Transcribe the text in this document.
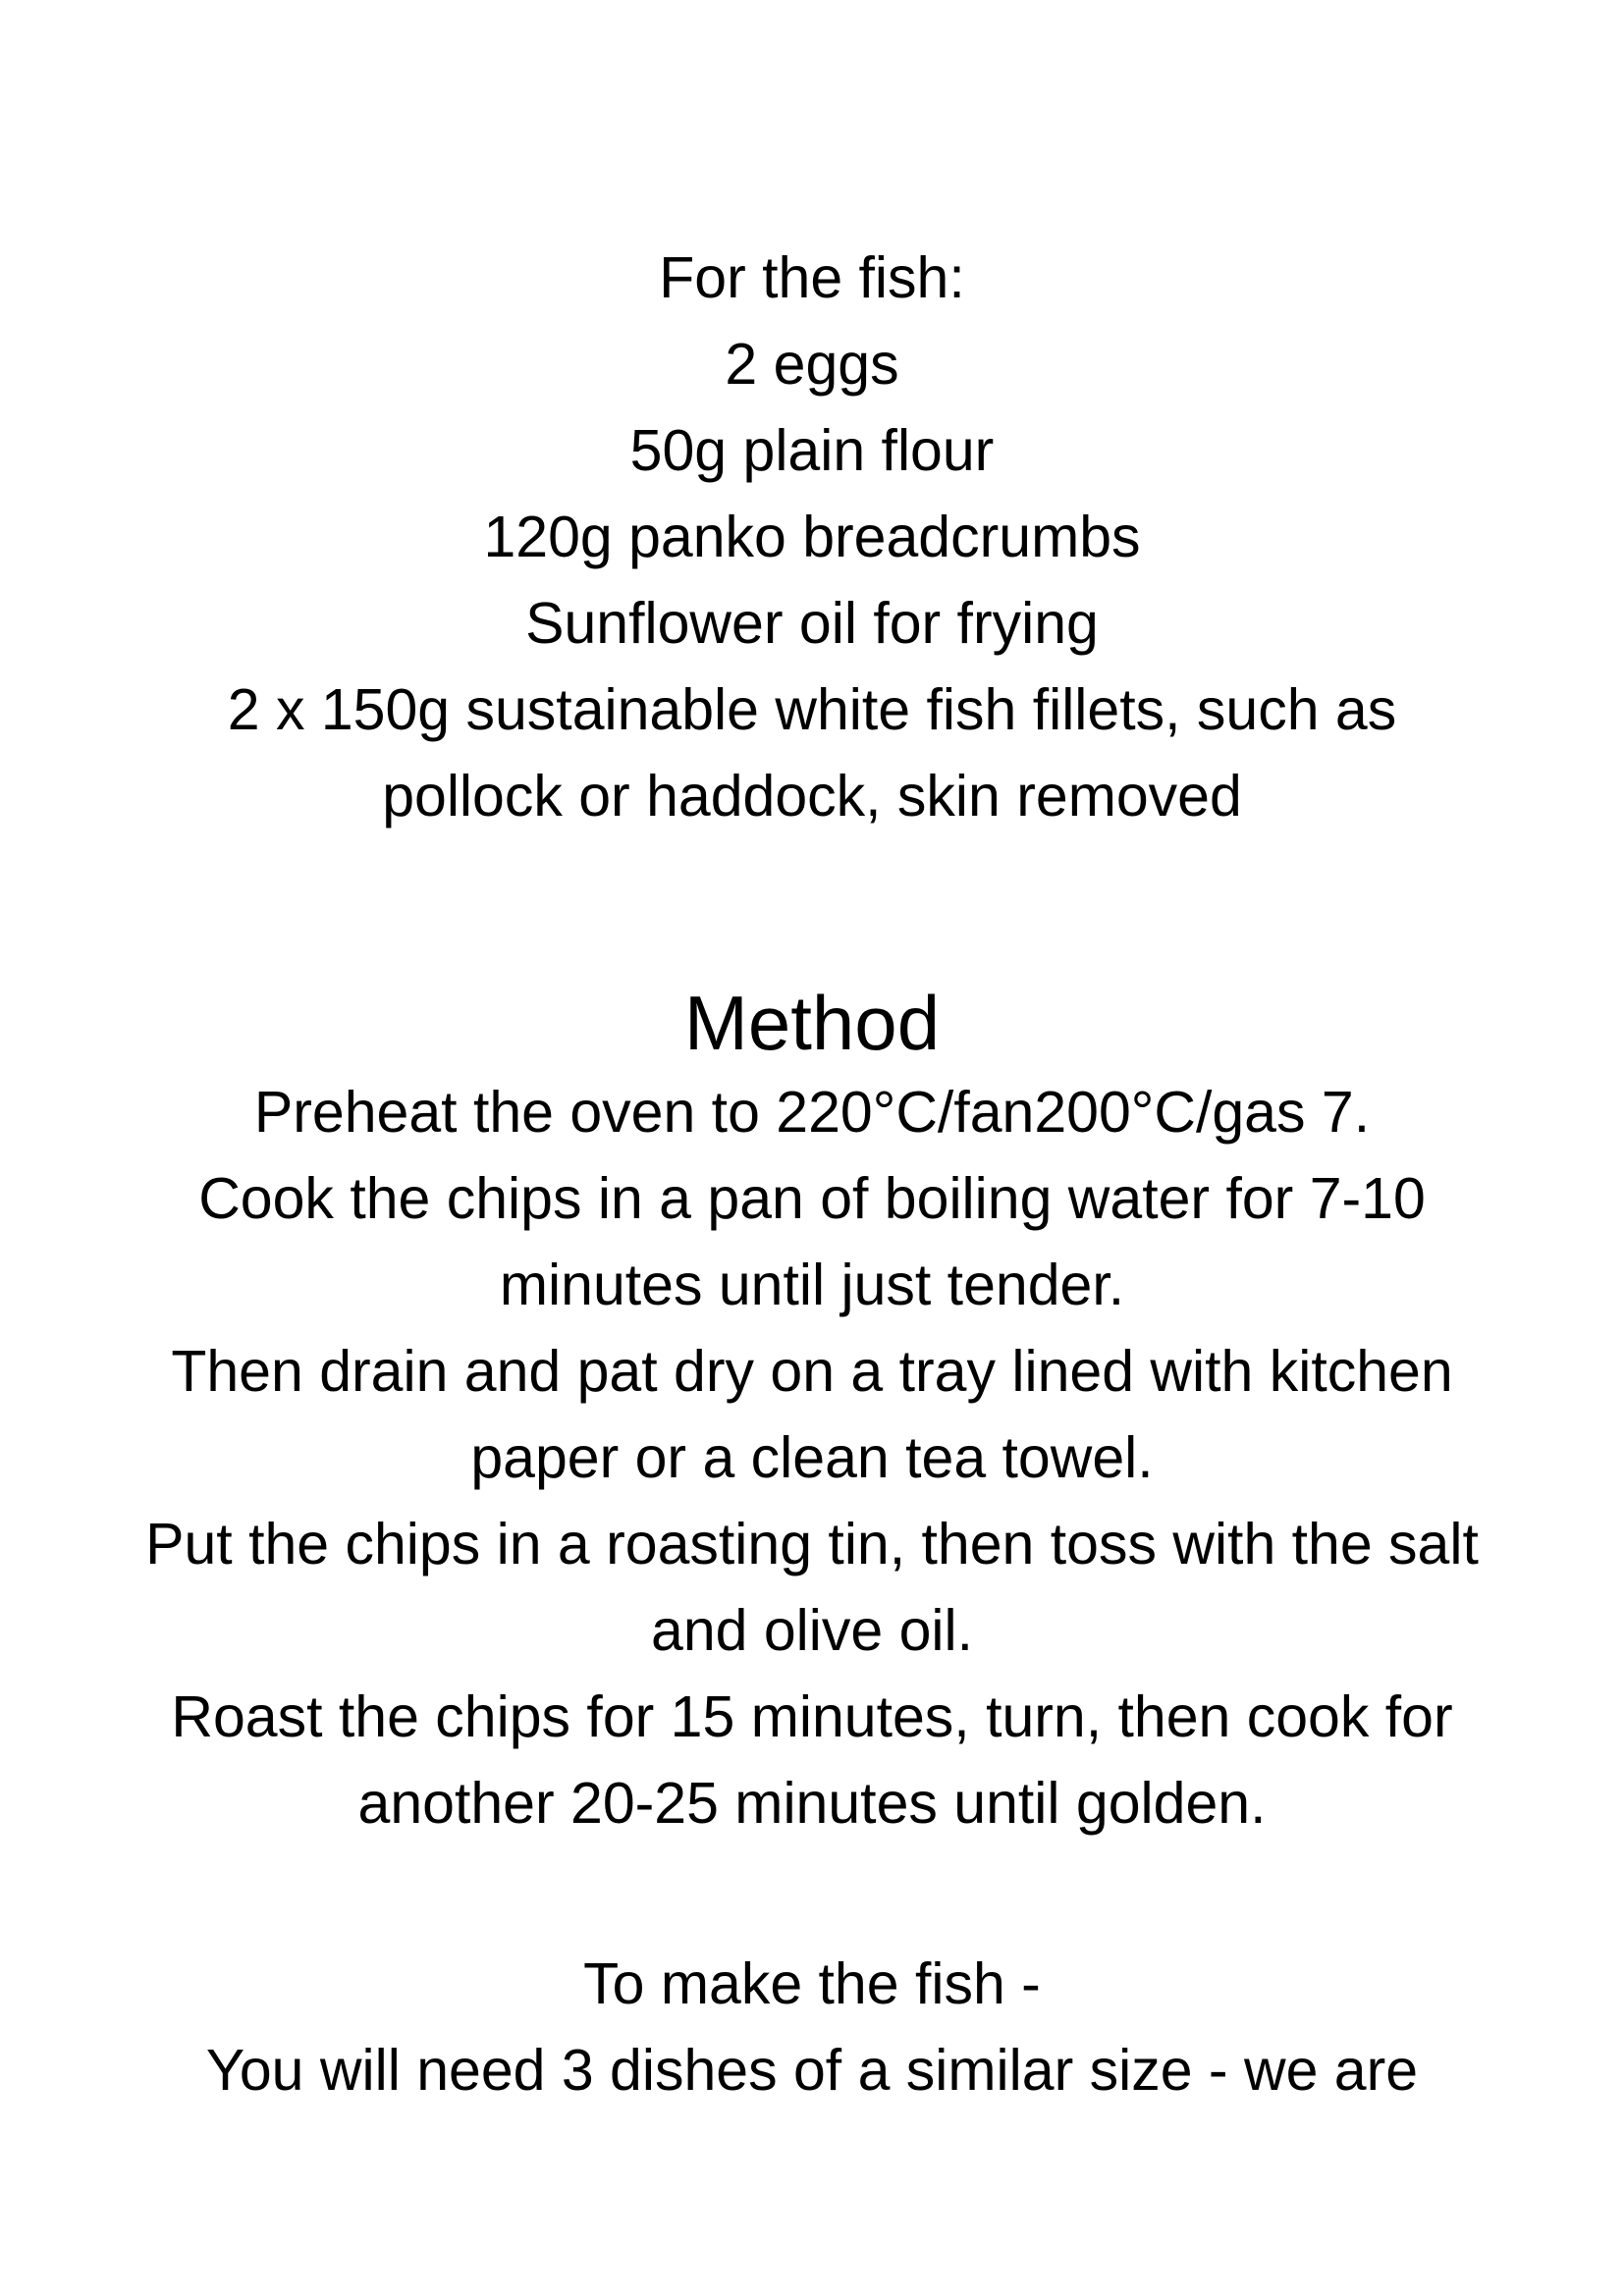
For the fish:
2 eggs
50g plain flour
120g panko breadcrumbs
Sunflower oil for frying
2 x 150g sustainable white fish fillets, such as
pollock or haddock, skin removed
Method
Preheat the oven to 220°C/fan200°C/gas 7.
Cook the chips in a pan of boiling water for 7-10
minutes until just tender.
Then drain and pat dry on a tray lined with kitchen
paper or a clean tea towel.
Put the chips in a roasting tin, then toss with the salt
and olive oil.
Roast the chips for 15 minutes, turn, then cook for
another 20-25 minutes until golden.
To make the fish -
You will need 3 dishes of a similar size - we are
